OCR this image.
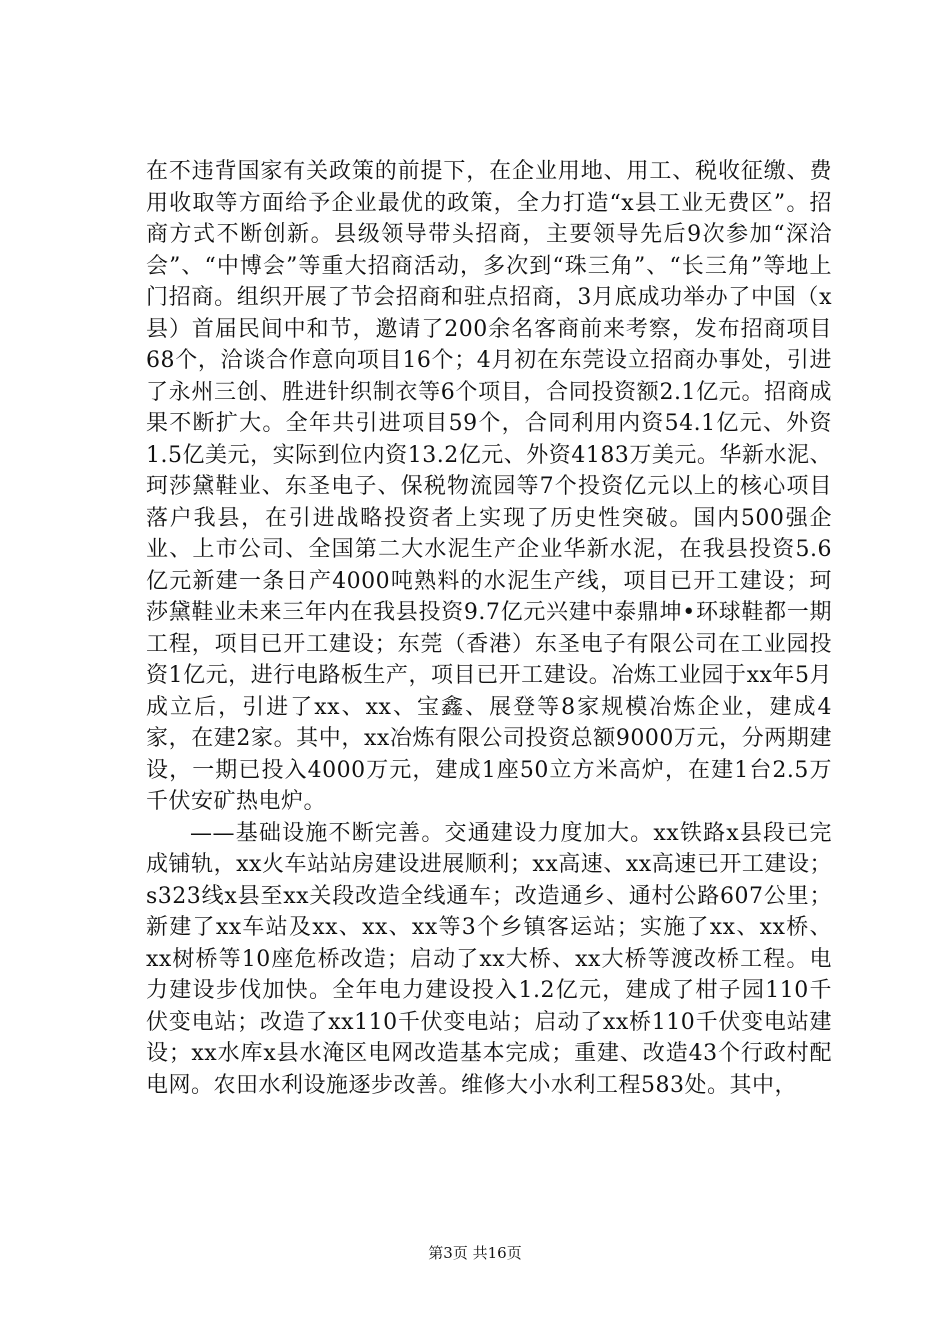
在不违背国家有关政策的前提下，在企业用地、用工、税收征缴、费用收取等方面给予企业最优的政策，全力打造“x县工业无费区”。招商方式不断创新。县级领导带头招商，主要领导先后9次参加“深洽会”、“中博会”等重大招商活动，多次到“珠三角”、“长三角”等地上门招商。组织开展了节会招商和驻点招商，3月底成功举办了中国（x县）首届民间中和节，邀请了200余名客商前来考察，发布招商项目68个，洽谈合作意向项目16个；4月初在东莞设立招商办事处，引进了永州三创、胜进针织制衣等6个项目，合同投资额2.1亿元。招商成果不断扩大。全年共引进项目59个，合同利用内资54.1亿元、外资1.5亿美元，实际到位内资13.2亿元、外资4183万美元。华新水泥、珂莎黛鞋业、东圣电子、保税物流园等7个投资亿元以上的核心项目落户我县，在引进战略投资者上实现了历史性突破。国内500强企业、上市公司、全国第二大水泥生产企业华新水泥，在我县投资5.6亿元新建一条日产4000吨熟料的水泥生产线，项目已开工建设；珂莎黛鞋业未来三年内在我县投资9.7亿元兴建中泰鼎坤•环球鞋都一期工程，项目已开工建设；东莞（香港）东圣电子有限公司在工业园投资1亿元，进行电路板生产，项目已开工建设。冶炼工业园于xx年5月成立后，引进了xx、xx、宝鑫、展登等8家规模冶炼企业，建成4家，在建2家。其中，xx冶炼有限公司投资总额9000万元，分两期建设，一期已投入4000万元，建成1座50立方米高炉，在建1台2.5万千伏安矿热电炉。

——基础设施不断完善。交通建设力度加大。xx铁路x县段已完成铺轨，xx火车站站房建设进展顺利；xx高速、xx高速已开工建设；s323线x县至xx关段改造全线通车；改造通乡、通村公路607公里；新建了xx车站及xx、xx、xx等3个乡镇客运站；实施了xx、xx桥、xx树桥等10座危桥改造；启动了xx大桥、xx大桥等渡改桥工程。电力建设步伐加快。全年电力建设投入1.2亿元，建成了柑子园110千伏变电站；改造了xx110千伏变电站；启动了xx桥110千伏变电站建设；xx水库x县水淹区电网改造基本完成；重建、改造43个行政村配电网。农田水利设施逐步改善。维修大小水利工程583处。其中，

第3页 共16页
